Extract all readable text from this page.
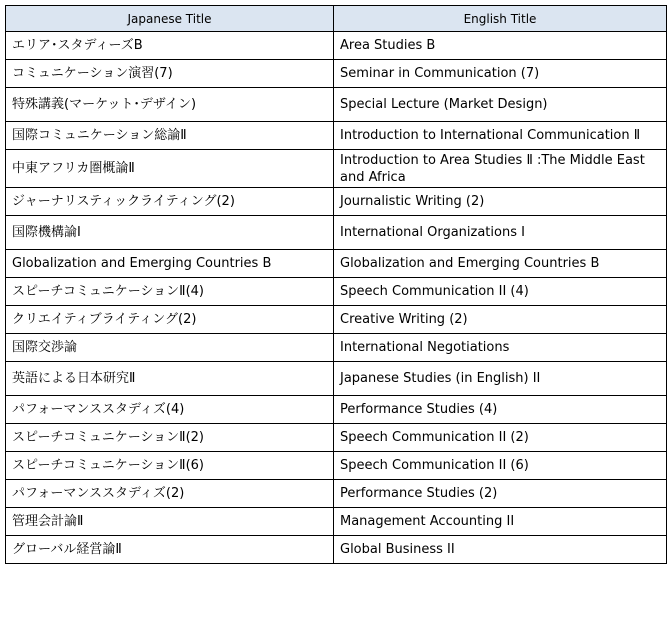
Japanese Title	English Title
エリア･スタディーズB	Area Studies B
コミュニケーション演習(7)	Seminar in Communication (7)
特殊講義(マーケット･デザイン)	Special Lecture (Market Design)
国際コミュニケーション総論Ⅱ	Introduction to International Communication Ⅱ
中東アフリカ圏概論Ⅱ	Introduction to Area Studies Ⅱ :The Middle East and Africa
ジャーナリスティックライティング(2)	Journalistic Writing (2)
国際機構論Ⅰ	International Organizations I
Globalization and Emerging Countries B	Globalization and Emerging Countries B
スピーチコミュニケーションⅡ(4)	Speech Communication II (4)
クリエイティブライティング(2)	Creative Writing (2)
国際交渉論	International Negotiations
英語による日本研究Ⅱ	Japanese Studies (in English) II
パフォーマンススタディズ(4)	Performance Studies (4)
スピーチコミュニケーションⅡ(2)	Speech Communication II (2)
スピーチコミュニケーションⅡ(6)	Speech Communication II (6)
パフォーマンススタディズ(2)	Performance Studies (2)
管理会計論Ⅱ	Management Accounting II
グローバル経営論Ⅱ	Global Business II
